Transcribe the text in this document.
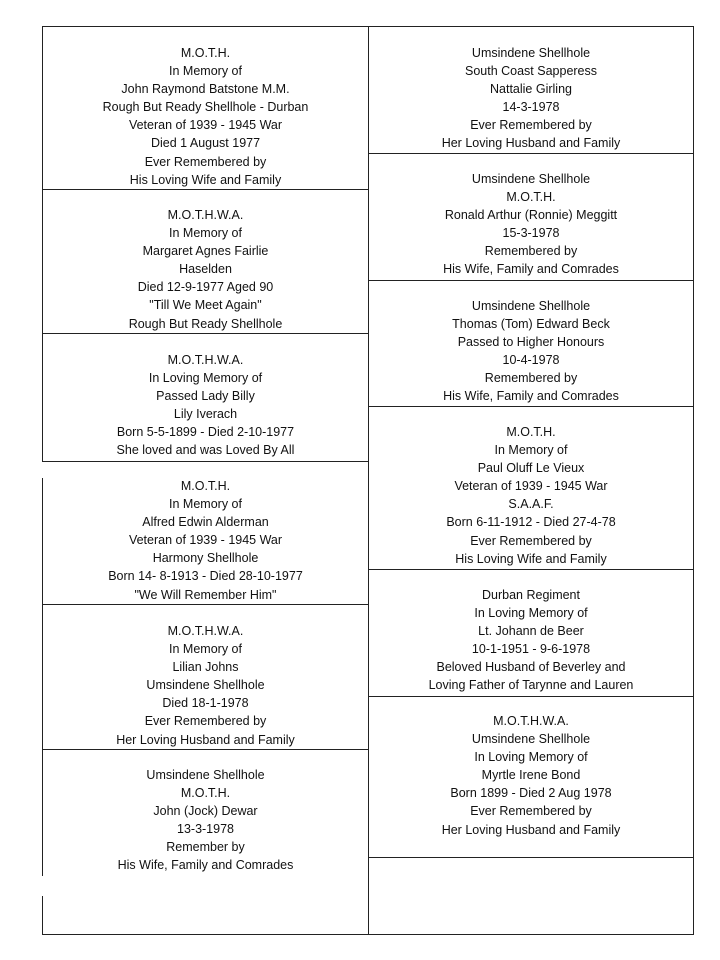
M.O.T.H.
In Memory of
John Raymond Batstone M.M.
Rough But Ready Shellhole - Durban
Veteran of 1939 - 1945 War
Died 1 August 1977
Ever Remembered by
His Loving Wife and Family
M.O.T.H.W.A.
In Memory of
Margaret Agnes Fairlie
Haselden
Died 12-9-1977 Aged 90
"Till We Meet Again"
Rough But Ready Shellhole
M.O.T.H.W.A.
In Loving Memory of
Passed Lady Billy
Lily Iverach
Born 5-5-1899 - Died 2-10-1977
She loved and was Loved By All
M.O.T.H.
In Memory of
Alfred Edwin Alderman
Veteran of 1939 - 1945 War
Harmony Shellhole
Born 14- 8-1913 - Died 28-10-1977
"We Will Remember Him"
M.O.T.H.W.A.
In Memory of
Lilian Johns
Umsindene Shellhole
Died 18-1-1978
Ever Remembered by
Her Loving Husband and Family
Umsindene Shellhole
M.O.T.H.
John (Jock) Dewar
13-3-1978
Remember by
His Wife, Family and Comrades
Umsindene Shellhole
South Coast Sapperess
Nattalie Girling
14-3-1978
Ever Remembered by
Her Loving Husband and Family
Umsindene Shellhole
M.O.T.H.
Ronald Arthur (Ronnie) Meggitt
15-3-1978
Remembered by
His Wife, Family and Comrades
Umsindene Shellhole
Thomas (Tom) Edward Beck
Passed to Higher Honours
10-4-1978
Remembered by
His Wife, Family and Comrades
M.O.T.H.
In Memory of
Paul Oluff Le Vieux
Veteran of 1939 - 1945 War
S.A.A.F.
Born 6-11-1912 - Died 27-4-78
Ever Remembered by
His Loving Wife and Family
Durban Regiment
In Loving Memory of
Lt. Johann de Beer
10-1-1951 - 9-6-1978
Beloved Husband of Beverley and
Loving Father of Tarynne and Lauren
M.O.T.H.W.A.
Umsindene Shellhole
In Loving Memory of
Myrtle Irene Bond
Born 1899 - Died 2 Aug 1978
Ever Remembered by
Her Loving Husband and Family
